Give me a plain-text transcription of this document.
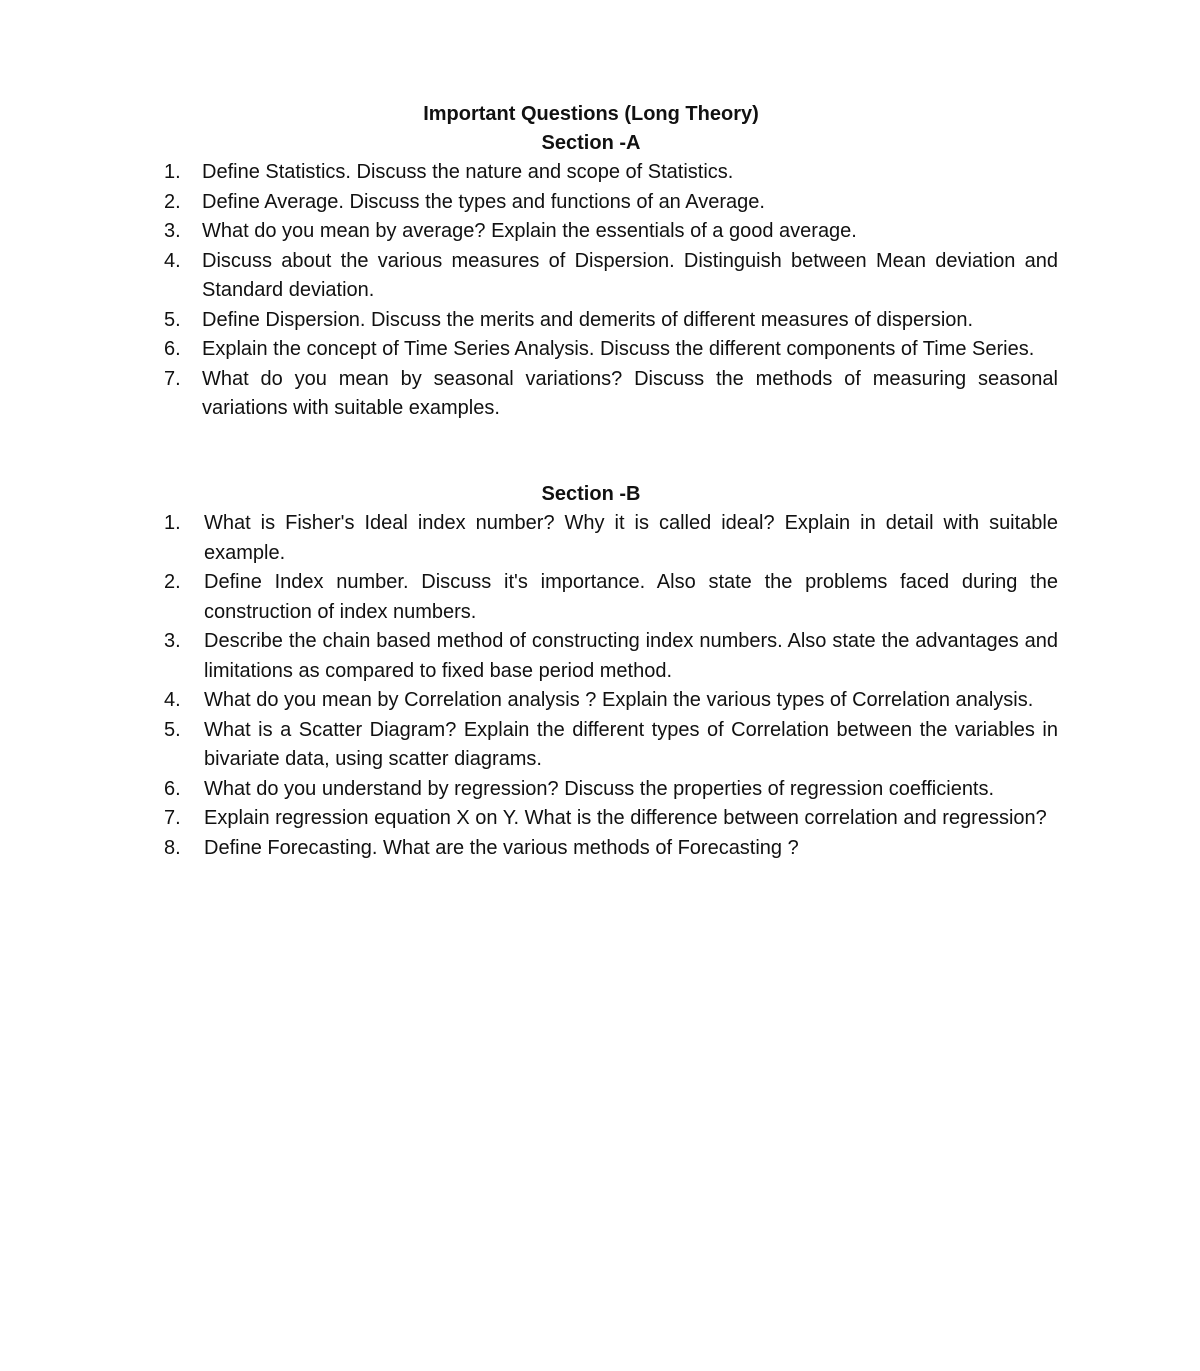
Important Questions (Long Theory)
Section -A
1.	Define Statistics. Discuss the nature and scope of Statistics.
2.	Define Average. Discuss the types and functions of an Average.
3.	What do you mean by average? Explain the essentials of a good average.
4.	Discuss about the various measures of Dispersion. Distinguish between Mean deviation and Standard deviation.
5.	Define Dispersion. Discuss the merits and demerits of different measures of dispersion.
6.	Explain the concept of Time Series Analysis. Discuss the different components of Time Series.
7.	What do you mean by seasonal variations? Discuss the methods of measuring seasonal variations with suitable examples.
Section -B
1.	What is Fisher's Ideal index number? Why it is called ideal? Explain in detail with suitable example.
2.	Define Index number. Discuss it's importance. Also state the problems faced during the construction of index numbers.
3.	Describe the chain based method of constructing index numbers. Also state the advantages and limitations as compared to fixed base period method.
4.	What do you mean by Correlation analysis ? Explain the various types of Correlation analysis.
5.	What is a Scatter Diagram? Explain the different types of Correlation between the variables in bivariate data, using scatter diagrams.
6.	What do you understand by regression? Discuss the properties of regression coefficients.
7.	Explain regression equation X on Y. What is the difference between correlation and regression?
8.	Define Forecasting. What are the various methods of Forecasting ?
